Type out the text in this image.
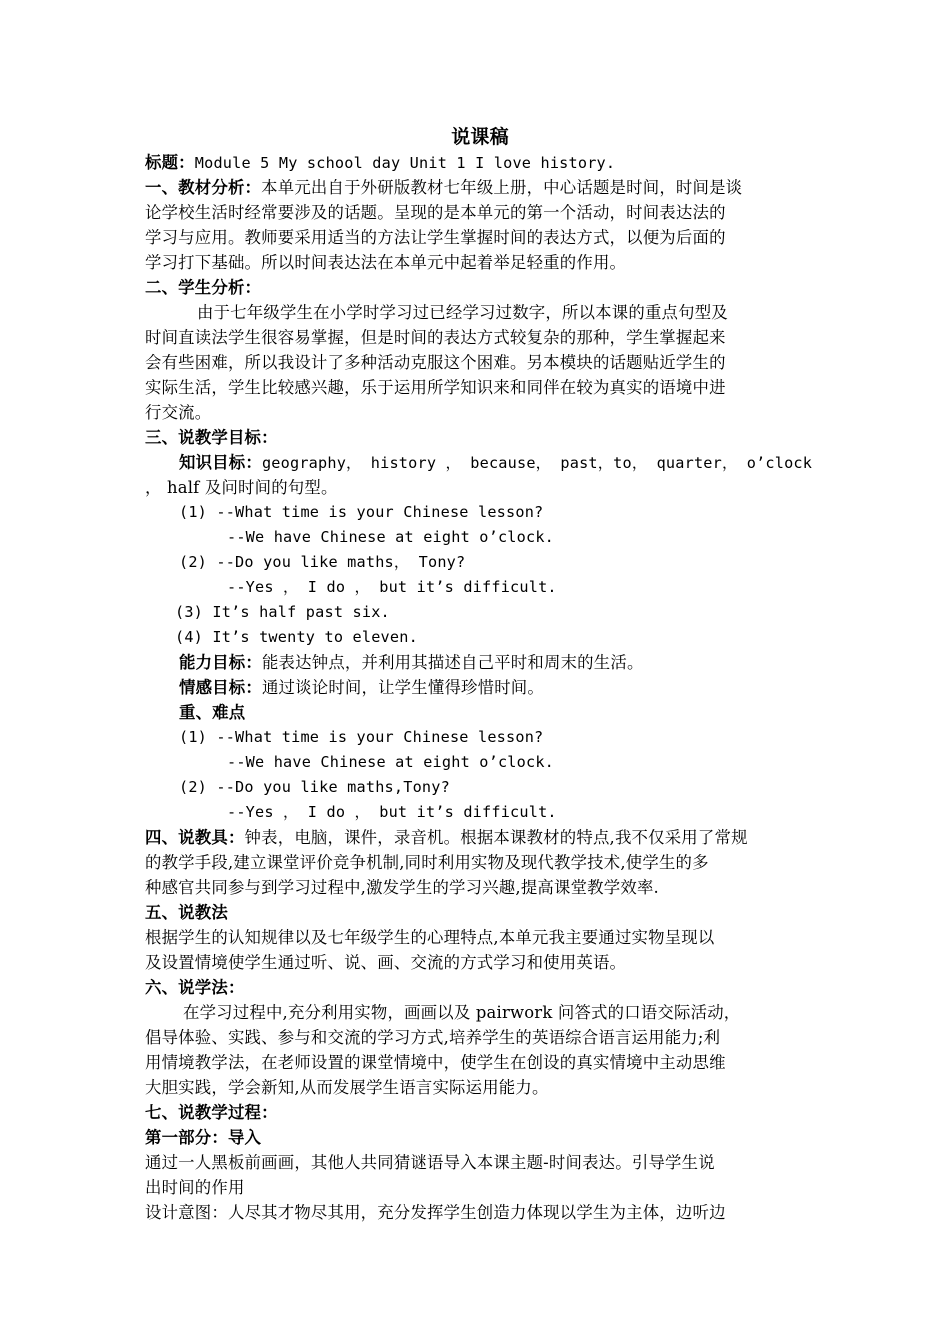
说课稿
标题：Module 5 My school day Unit 1 I love history.
一、教材分析：本单元出自于外研版教材七年级上册，中心话题是时间，时间是谈
论学校生活时经常要涉及的话题。呈现的是本单元的第一个活动，时间表达法的
学习与应用。教师要采用适当的方法让学生掌握时间的表达方式，以便为后面的
学习打下基础。所以时间表达法在本单元中起着举足轻重的作用。
二、学生分析：
由于七年级学生在小学时学习过已经学习过数字，所以本课的重点句型及
时间直读法学生很容易掌握，但是时间的表达方式较复杂的那种，学生掌握起来
会有些困难，所以我设计了多种活动克服这个困难。另本模块的话题贴近学生的
实际生活，学生比较感兴趣，乐于运用所学知识来和同伴在较为真实的语境中进
行交流。
三、说教学目标：
知识目标：geography， history ， because， past，to， quarter， o’clock
， half 及问时间的句型。
(1) --What time is your Chinese lesson?
--We have Chinese at eight o’clock.
(2) --Do you like maths， Tony?
--Yes ， I do ， but it’s difficult.
(3) It’s half past six.
(4) It’s twenty to eleven.
能力目标：能表达钟点，并利用其描述自己平时和周末的生活。
情感目标：通过谈论时间，让学生懂得珍惜时间。
重、难点
(1) --What time is your Chinese lesson?
--We have Chinese at eight o’clock.
(2) --Do you like maths,Tony?
--Yes ， I do ， but it’s difficult.
四、说教具：钟表，电脑，课件，录音机。根据本课教材的特点,我不仅采用了常规
的教学手段,建立课堂评价竞争机制,同时利用实物及现代教学技术,使学生的多
种感官共同参与到学习过程中,激发学生的学习兴趣,提高课堂教学效率.
五、说教法
根据学生的认知规律以及七年级学生的心理特点,本单元我主要通过实物呈现以
及设置情境使学生通过听、说、画、交流的方式学习和使用英语。
六、说学法：
在学习过程中,充分利用实物，画画以及 pairwork 问答式的口语交际活动，
倡导体验、实践、参与和交流的学习方式,培养学生的英语综合语言运用能力;利
用情境教学法，在老师设置的课堂情境中，使学生在创设的真实情境中主动思维
大胆实践，学会新知,从而发展学生语言实际运用能力。
七、说教学过程：
第一部分：导入
通过一人黑板前画画，其他人共同猜谜语导入本课主题-时间表达。引导学生说
出时间的作用
设计意图：人尽其才物尽其用，充分发挥学生创造力体现以学生为主体，边听边
